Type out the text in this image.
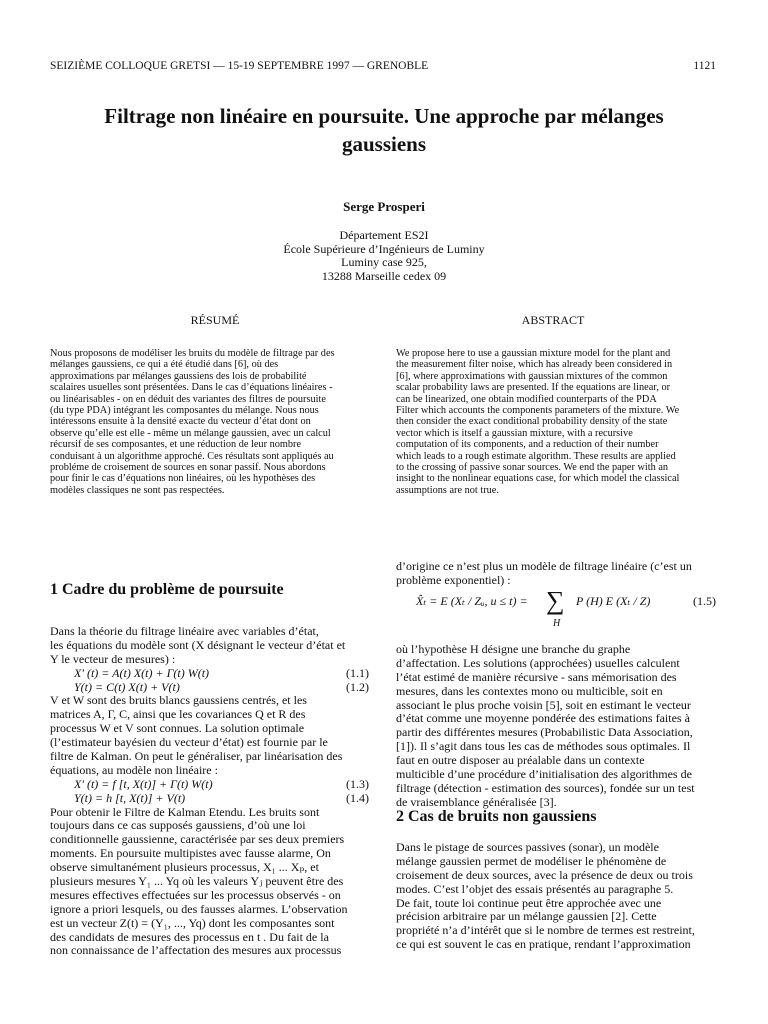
SEIZIÈME COLLOQUE GRETSI — 15-19 SEPTEMBRE 1997 — GRENOBLE	1121
Filtrage non linéaire en poursuite. Une approche par mélanges
gaussiens
Serge Prosperi
Département ES2I
École Supérieure d’Ingénieurs de Luminy
Luminy case 925,
13288 Marseille cedex 09
RÉSUMÉ	ABSTRACT
Nous proposons de modéliser les bruits du modèle de filtrage par des
mélanges gaussiens, ce qui a été étudié dans [6], où des
approximations par mélanges gaussiens des lois de probabilité
scalaires usuelles sont présentées. Dans le cas d’équations linéaires -
ou linéarisables - on en déduit des variantes des filtres de poursuite
(du type PDA) intégrant les composantes du mélange. Nous nous
intéressons ensuite à la densité exacte du vecteur d’état dont on
observe qu’elle est elle - même un mélange gaussien, avec un calcul
récursif de ses composantes, et une réduction de leur nombre
conduisant à un algorithme approché. Ces résultats sont appliqués au
probléme de croisement de sources en sonar passif. Nous abordons
pour finir le cas d’équations non linéaires, où les hypothèses des
modèles classiques ne sont pas respectées.
We propose here to use a gaussian mixture model for the plant and
the measurement filter noise, which has already been considered in
[6], where approximations with gaussian mixtures of the common
scalar probability laws are presented. If the equations are linear, or
can be linearized, one obtain modified counterparts of the PDA
Filter which accounts the components parameters of the mixture. We
then consider the exact conditional probability density of the state
vector which is itself a gaussian mixture, with a recursive
computation of its components, and a reduction of their number
which leads to a rough estimate algorithm. These results are applied
to the crossing of passive sonar sources. We end the paper with an
insight to the nonlinear equations case, for which model the classical
assumptions are not true.
1 Cadre du problème de poursuite
Dans la théorie du filtrage linéaire avec variables d’état,
les équations du modèle sont (X désignant le vecteur d’état et
Y le vecteur de mesures) :
X′ (t) = A(t) X(t) + Γ(t) W(t)	(1.1)
Y(t) = C(t) X(t) + V(t)	(1.2)
V et W sont des bruits blancs gaussiens centrés, et les
matrices A, Γ, C, ainsi que les covariances Q et R des
processus W et V sont connues. La solution optimale
(l’estimateur bayésien du vecteur d’état) est fournie par le
filtre de Kalman. On peut le généraliser, par linéarisation des
équations, au modèle non linéaire :
X′ (t) = f [t, X(t)] + Γ(t) W(t)	(1.3)
Y(t) = h [t, X(t)] + V(t)	(1.4)
Pour obtenir le Filtre de Kalman Etendu. Les bruits sont
toujours dans ce cas supposés gaussiens, d’où une loi
conditionnelle gaussienne, caractérisée par ses deux premiers
moments. En poursuite multipistes avec fausse alarme, On
observe simultanément plusieurs processus, X₁ ... Xₚ, et
plusieurs mesures Y₁ ... Yq où les valeurs Yⱼ peuvent être des
mesures effectives effectuées sur les processus observés - on
ignore a priori lesquels, ou des fausses alarmes. L’observation
est un vecteur Z(t) = (Y₁, ..., Yq) dont les composantes sont
des candidats de mesures des processus en t . Du fait de la
non connaissance de l’affectation des mesures aux processus
d’origine ce n’est plus un modèle de filtrage linéaire (c’est un
problème exponentiel) :
X̂ₜ = E (Xₜ / Zᵤ, u ≤ t) = ∑
H
P (H) E (Xₜ / Z)	(1.5)
où l’hypothèse H désigne une branche du graphe
d’affectation. Les solutions (approchées) usuelles calculent
l’état estimé de manière récursive - sans mémorisation des
mesures, dans les contextes mono ou multicible, soit en
associant le plus proche voisin [5], soit en estimant le vecteur
d’état comme une moyenne pondérée des estimations faites à
partir des différentes mesures (Probabilistic Data Association,
[1]). Il s’agit dans tous les cas de méthodes sous optimales. Il
faut en outre disposer au préalable dans un contexte
multicible d’une procédure d’initialisation des algorithmes de
filtrage (détection - estimation des sources), fondée sur un test
de vraisemblance généralisée [3].
2 Cas de bruits non gaussiens
Dans le pistage de sources passives (sonar), un modèle
mélange gaussien permet de modéliser le phénomène de
croisement de deux sources, avec la présence de deux ou trois
modes. C’est l’objet des essais présentés au paragraphe 5.
De fait, toute loi continue peut être approchée avec une
précision arbitraire par un mélange gaussien [2]. Cette
propriété n’a d’intérêt que si le nombre de termes est restreint,
ce qui est souvent le cas en pratique, rendant l’approximation
